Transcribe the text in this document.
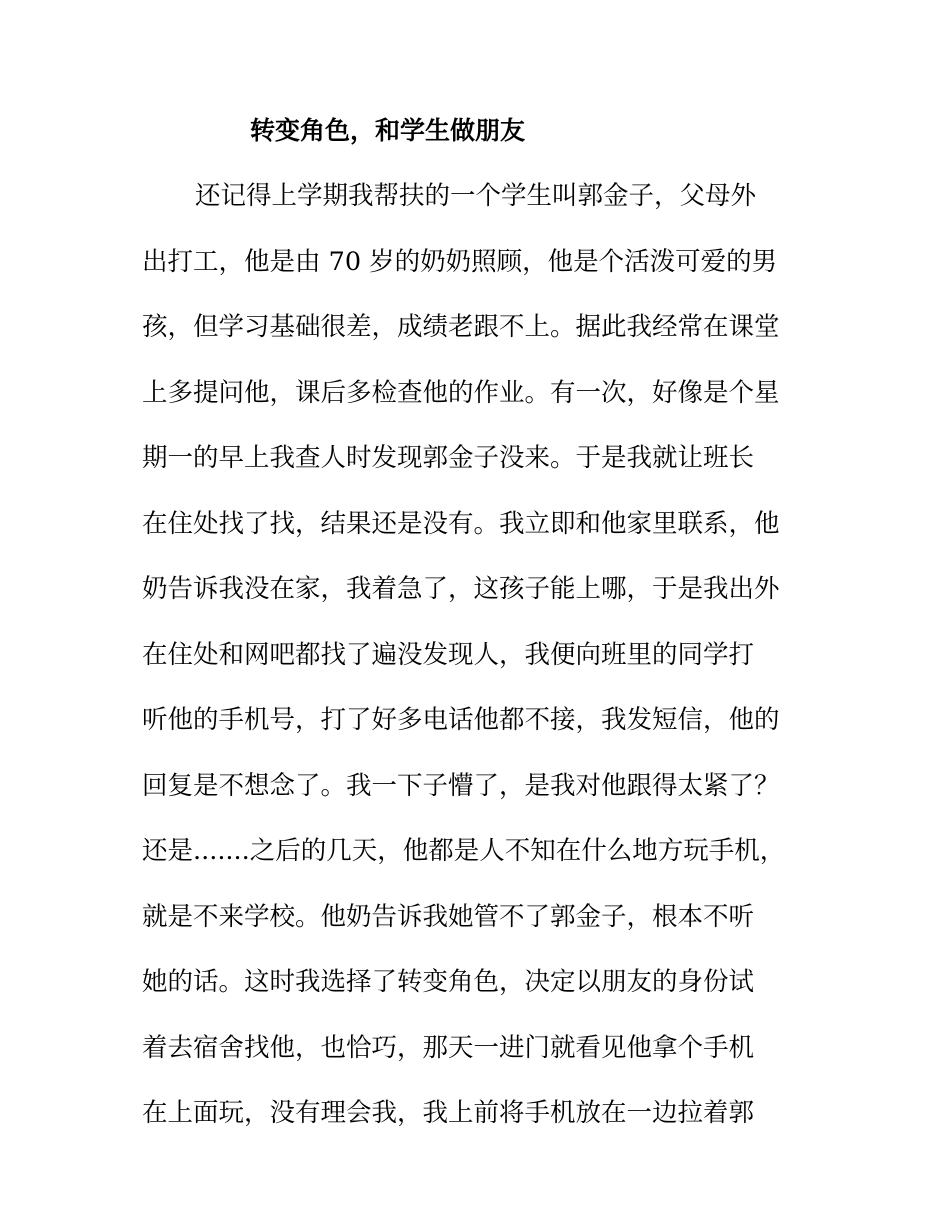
转变角色，和学生做朋友
还记得上学期我帮扶的一个学生叫郭金子，父母外
出打工，他是由 70 岁的奶奶照顾，他是个活泼可爱的男
孩，但学习基础很差，成绩老跟不上。据此我经常在课堂
上多提问他，课后多检查他的作业。有一次，好像是个星
期一的早上我查人时发现郭金子没来。于是我就让班长
在住处找了找，结果还是没有。我立即和他家里联系，他
奶告诉我没在家，我着急了，这孩子能上哪，于是我出外
在住处和网吧都找了遍没发现人，我便向班里的同学打
听他的手机号，打了好多电话他都不接，我发短信，他的
回复是不想念了。我一下子懵了，是我对他跟得太紧了？
还是.......之后的几天，他都是人不知在什么地方玩手机，
就是不来学校。他奶告诉我她管不了郭金子，根本不听
她的话。这时我选择了转变角色，决定以朋友的身份试
着去宿舍找他，也恰巧，那天一进门就看见他拿个手机
在上面玩，没有理会我，我上前将手机放在一边拉着郭
